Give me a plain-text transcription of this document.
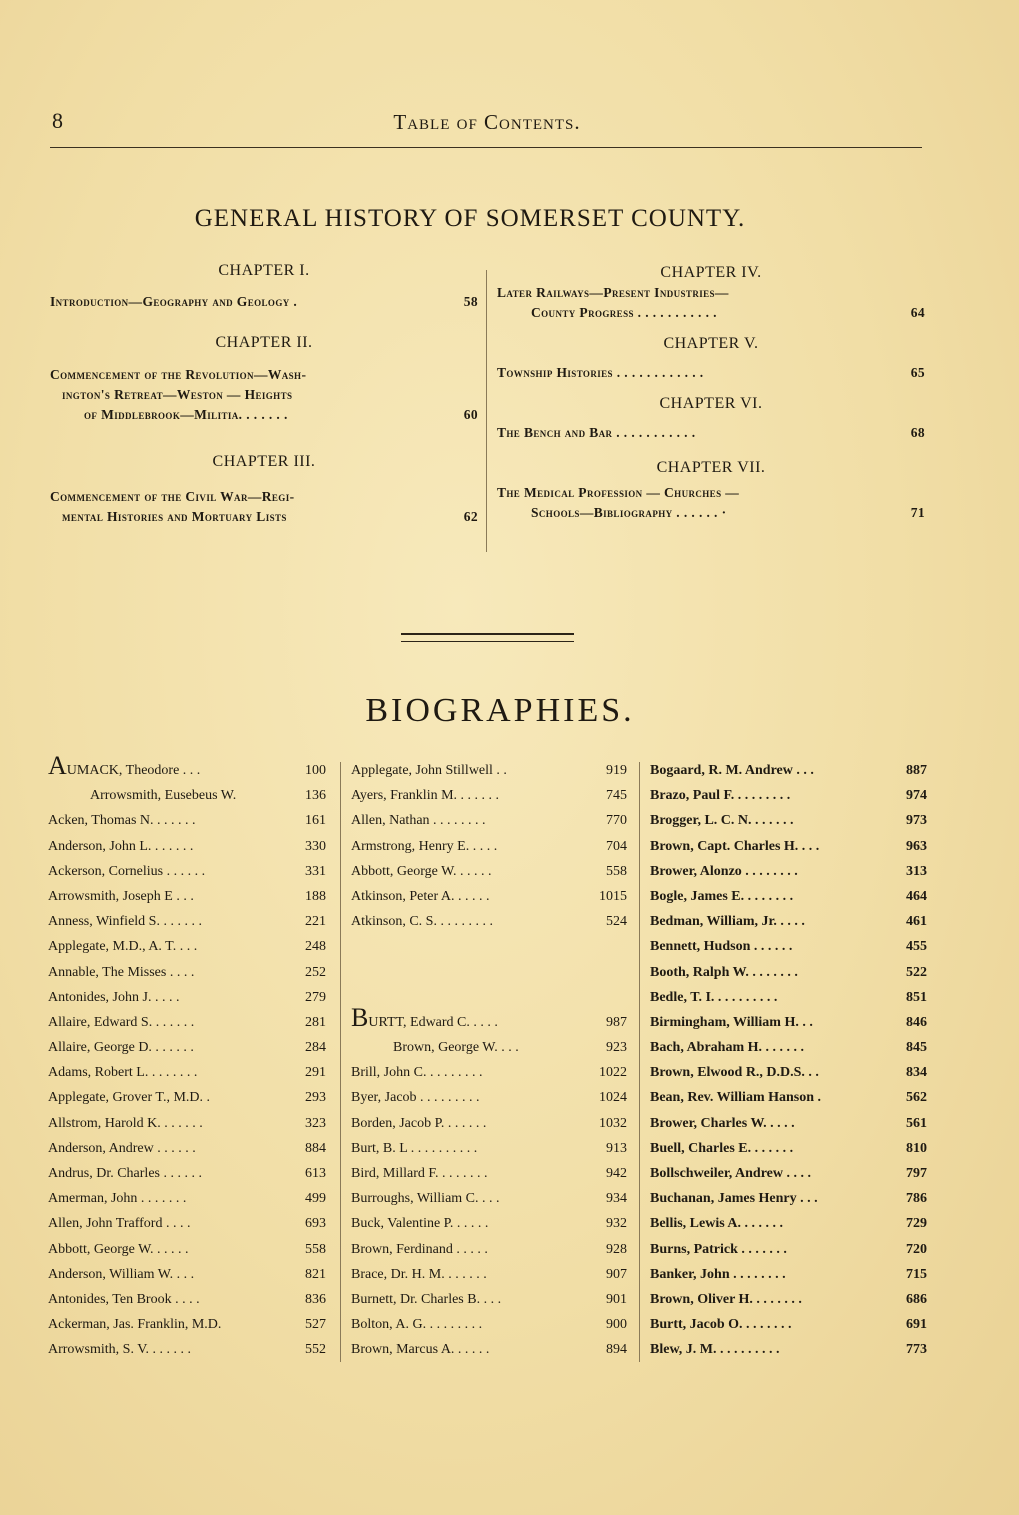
8	Table of Contents.
GENERAL HISTORY OF SOMERSET COUNTY.

CHAPTER I.

Introduction—Geography and Geology .	58

CHAPTER II.

Commencement of the Revolution—Wash-
ington's Retreat—Weston — Heights
of Middlebrook—Militia. . . . . . .	60

CHAPTER III.

Commencement of the Civil War—Regi-
mental Histories and Mortuary Lists	62

CHAPTER IV.

Later Railways—Present Industries—
County Progress . . . . . . . . . . .	64

CHAPTER V.

Township Histories . . . . . . . . . . . .	65

CHAPTER VI.

The Bench and Bar . . . . . . . . . . .	68

CHAPTER VII.

The Medical Profession — Churches —
Schools—Bibliography . . . . . . ·	71
BIOGRAPHIES.
AUMACK, Theodore . . .	100
Arrowsmith, Eusebeus W.	136
Acken, Thomas N. . . . . . .	161
Anderson, John L. . . . . . .	330
Ackerson, Cornelius . . . . . .	331
Arrowsmith, Joseph E . . .	188
Anness, Winfield S. . . . . . .	221
Applegate, M.D., A. T. . . .	248
Annable, The Misses . . . .	252
Antonides, John J. . . . .	279
Allaire, Edward S. . . . . . .	281
Allaire, George D. . . . . . .	284
Adams, Robert L. . . . . . . .	291
Applegate, Grover T., M.D. .	293
Allstrom, Harold K. . . . . . .	323
Anderson, Andrew . . . . . .	884
Andrus, Dr. Charles . . . . . .	613
Amerman, John . . . . . . .	499
Allen, John Trafford . . . .	693
Abbott, George W. . . . . .	558
Anderson, William W. . . .	821
Antonides, Ten Brook . . . .	836
Ackerman, Jas. Franklin, M.D.	527
Arrowsmith, S. V. . . . . . .	552
Applegate, John Stillwell . .	919
Ayers, Franklin M. . . . . . .	745
Allen, Nathan . . . . . . . .	770
Armstrong, Henry E. . . . .	704
Abbott, George W. . . . . .	558
Atkinson, Peter A. . . . . .	1015
Atkinson, C. S. . . . . . . . .	524
BURTT, Edward C. . . . .	987
Brown, George W. . . .	923
Brill, John C. . . . . . . . .	1022
Byer, Jacob . . . . . . . . .	1024
Borden, Jacob P. . . . . . .	1032
Burt, B. L . . . . . . . . . .	913
Bird, Millard F. . . . . . . .	942
Burroughs, William C. . . .	934
Buck, Valentine P. . . . . .	932
Brown, Ferdinand . . . . .	928
Brace, Dr. H. M. . . . . . .	907
Burnett, Dr. Charles B. . . .	901
Bolton, A. G. . . . . . . . .	900
Brown, Marcus A. . . . . .	894
Bogaard, R. M. Andrew . . .	887
Brazo, Paul F. . . . . . . . .	974
Brogger, L. C. N. . . . . . .	973
Brown, Capt. Charles H. . . .	963
Brower, Alonzo . . . . . . . .	313
Bogle, James E. . . . . . . .	464
Bedman, William, Jr. . . . .	461
Bennett, Hudson . . . . . .	455
Booth, Ralph W. . . . . . . .	522
Bedle, T. I. . . . . . . . . .	851
Birmingham, William H. . .	846
Bach, Abraham H. . . . . . .	845
Brown, Elwood R., D.D.S. . .	834
Bean, Rev. William Hanson .	562
Brower, Charles W. . . . .	561
Buell, Charles E. . . . . . .	810
Bollschweiler, Andrew . . . .	797
Buchanan, James Henry . . .	786
Bellis, Lewis A. . . . . . .	729
Burns, Patrick . . . . . . .	720
Banker, John . . . . . . . .	715
Brown, Oliver H. . . . . . . .	686
Burtt, Jacob O. . . . . . . .	691
Blew, J. M. . . . . . . . . .	773
